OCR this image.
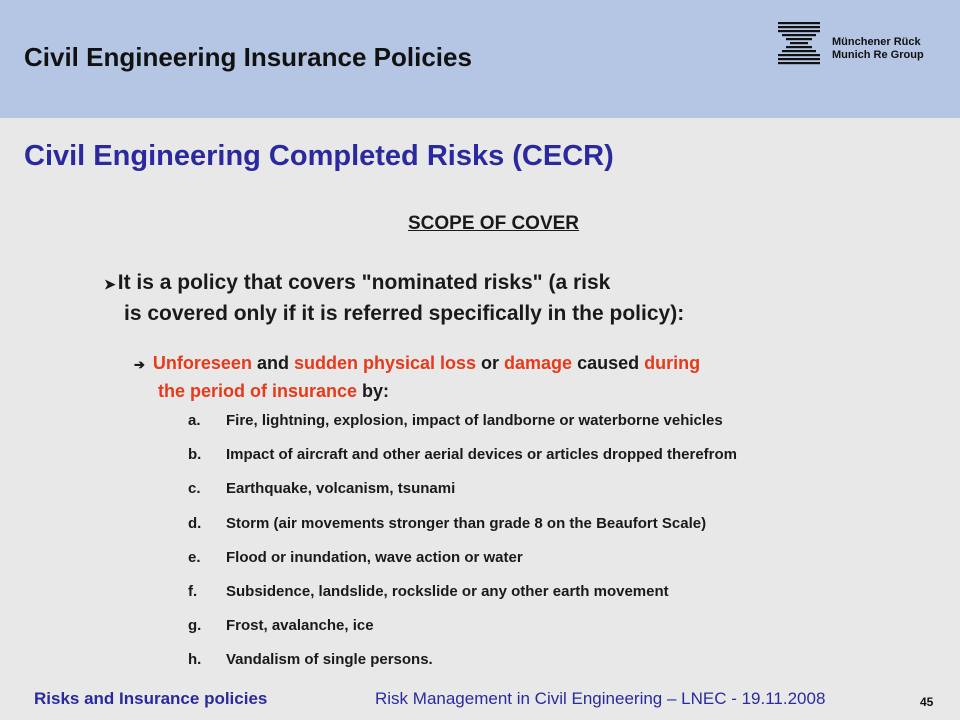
Civil Engineering Insurance Policies	Münchener Rück
Munich Re Group
Civil Engineering Completed Risks (CECR)
SCOPE OF COVER
➤It is a policy that covers "nominated risks" (a risk
is covered only if it is referred specifically in the policy):
➔ Unforeseen and sudden physical loss or damage caused during
the period of insurance by:
a.	Fire, lightning, explosion, impact of landborne or waterborne vehicles
b.	Impact of aircraft and other aerial devices or articles dropped therefrom
c.	Earthquake, volcanism, tsunami
d.	Storm (air movements stronger than grade 8 on the Beaufort Scale)
e.	Flood or inundation, wave action or water
f.	Subsidence, landslide, rockslide or any other earth movement
g.	Frost, avalanche, ice
h.	Vandalism of single persons.
Risks and Insurance policies	Risk Management in Civil Engineering – LNEC - 19.11.2008	45
